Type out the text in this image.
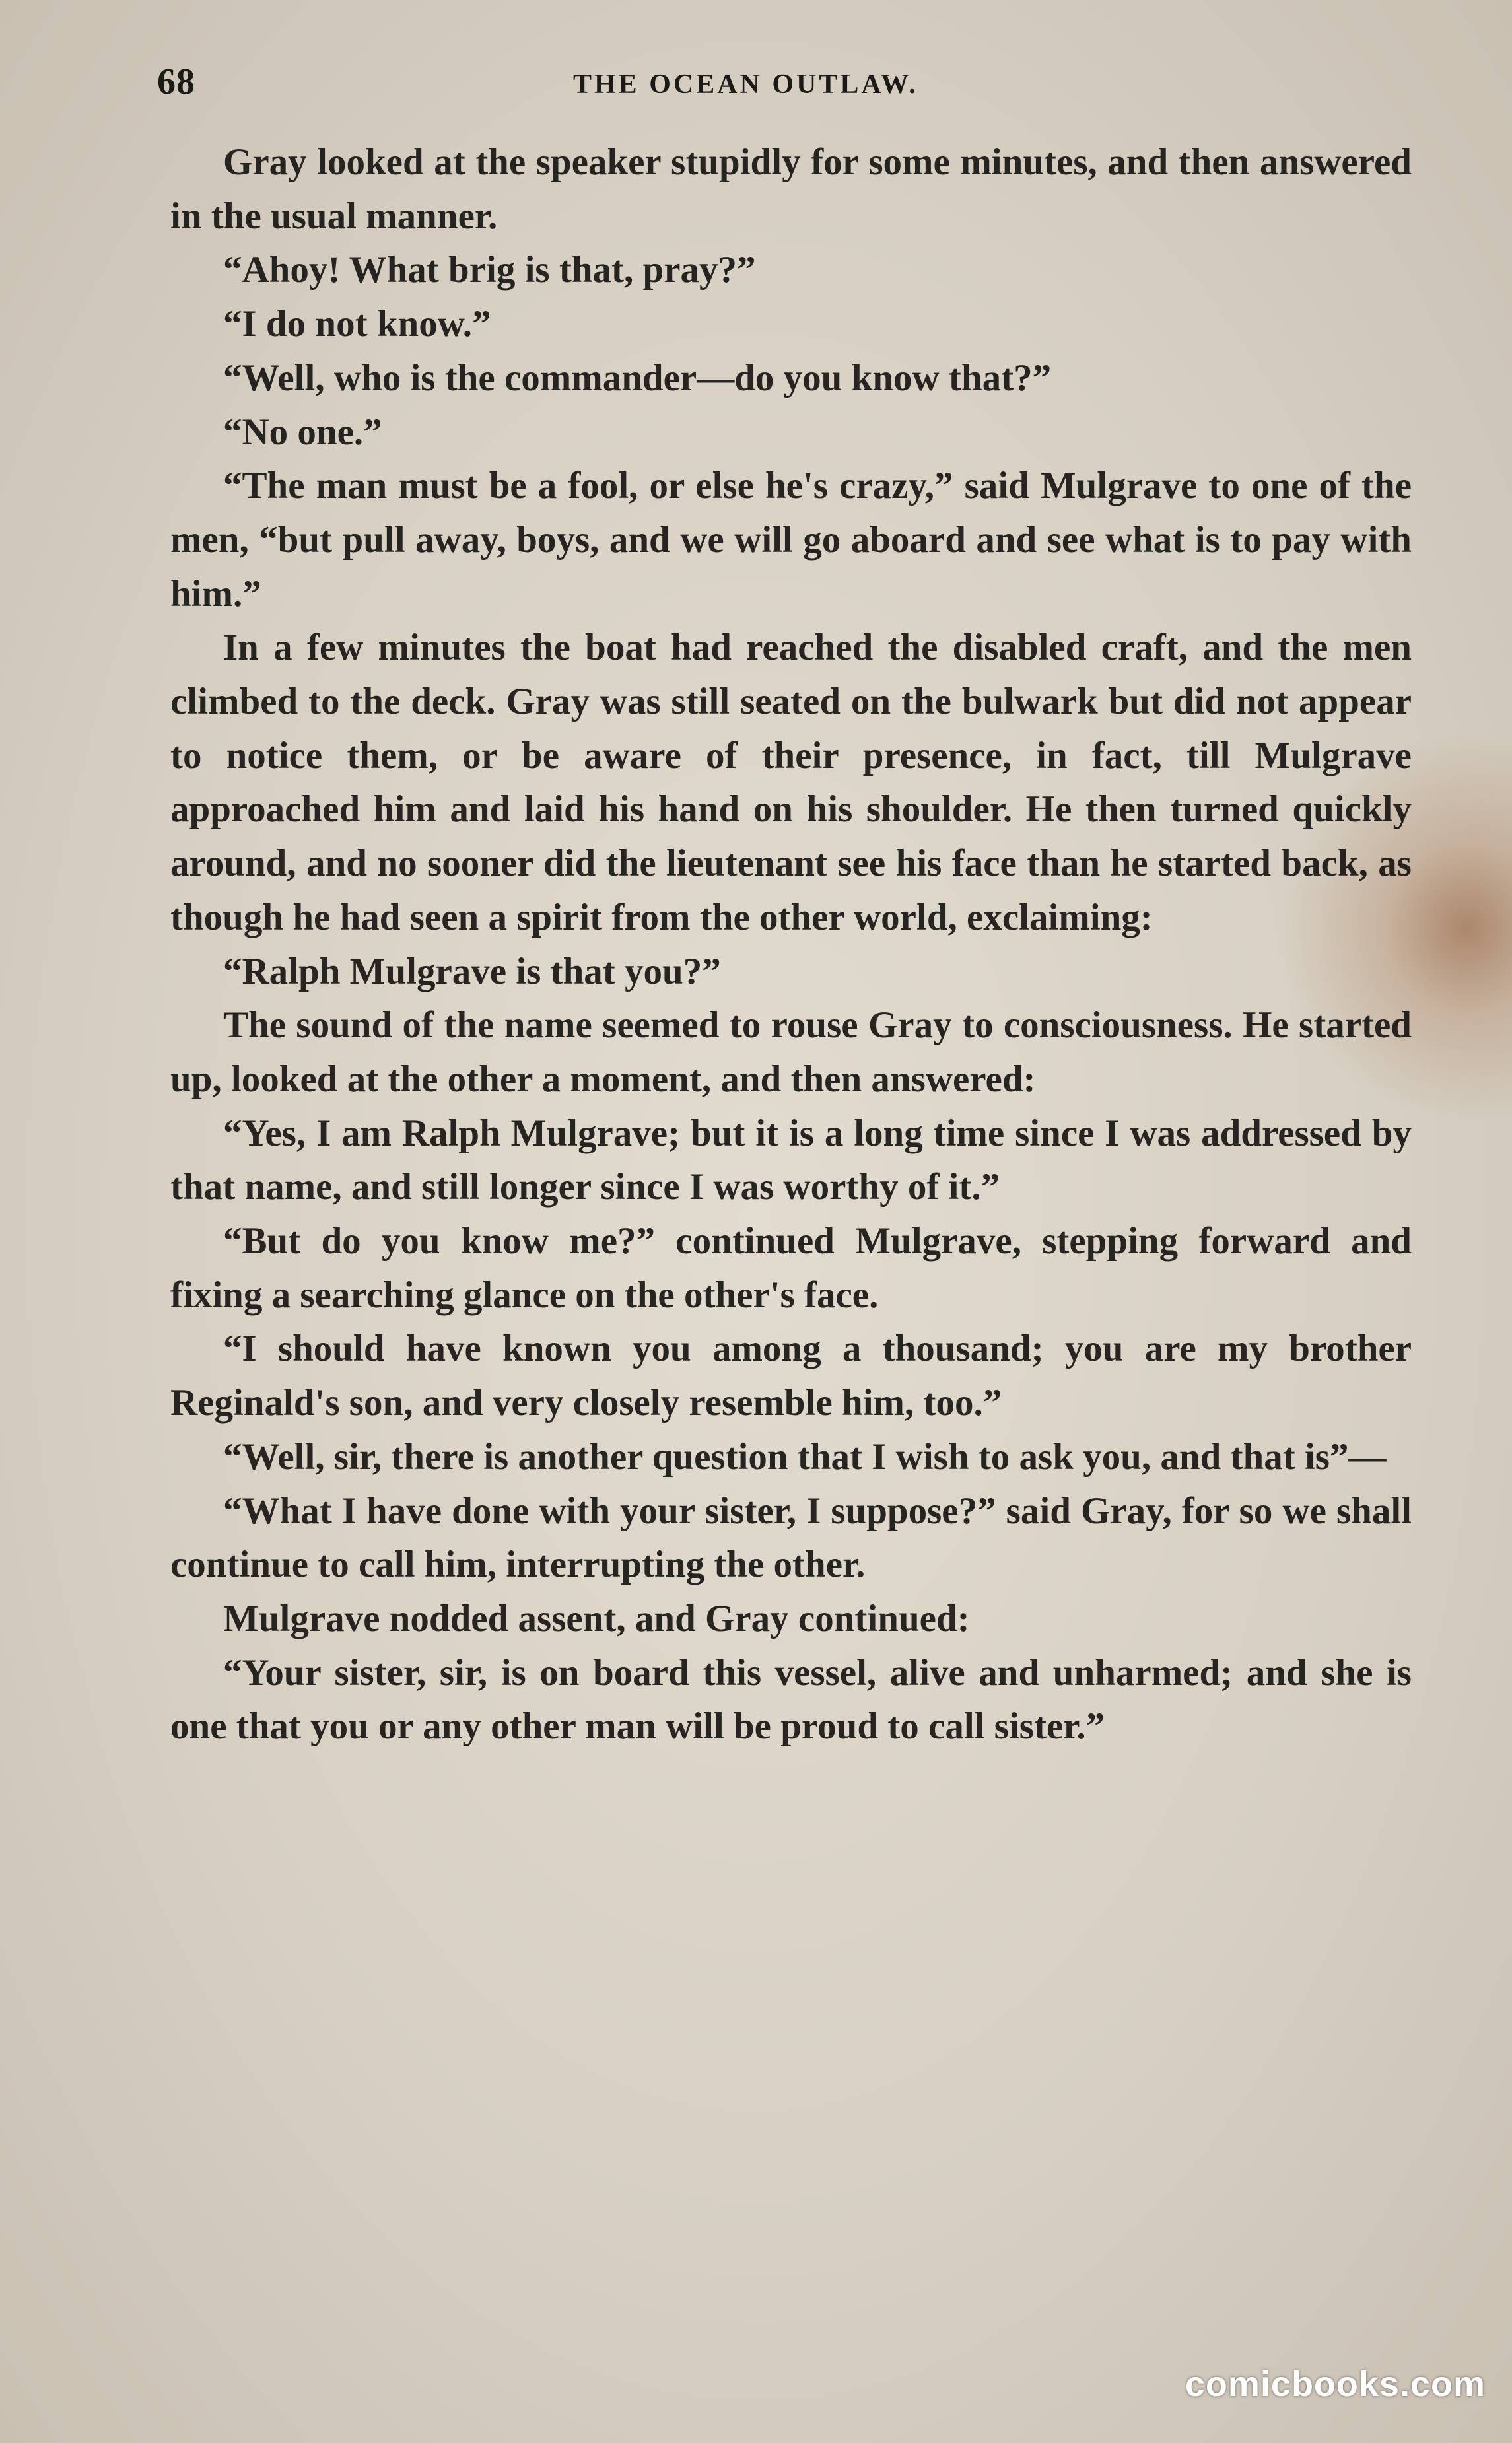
68	THE OCEAN OUTLAW.

Gray looked at the speaker stupidly for some minutes, and then answered in the usual manner.

“Ahoy! What brig is that, pray?”

“I do not know.”

“Well, who is the commander—do you know that?”

“No one.”

“The man must be a fool, or else he's crazy,” said Mulgrave to one of the men, “but pull away, boys, and we will go aboard and see what is to pay with him.”

In a few minutes the boat had reached the disabled craft, and the men climbed to the deck. Gray was still seated on the bulwark but did not appear to notice them, or be aware of their presence, in fact, till Mulgrave approached him and laid his hand on his shoulder. He then turned quickly around, and no sooner did the lieutenant see his face than he started back, as though he had seen a spirit from the other world, exclaiming:

“Ralph Mulgrave is that you?”

The sound of the name seemed to rouse Gray to consciousness. He started up, looked at the other a moment, and then answered:

“Yes, I am Ralph Mulgrave; but it is a long time since I was addressed by that name, and still longer since I was worthy of it.”

“But do you know me?” continued Mulgrave, stepping forward and fixing a searching glance on the other's face.

“I should have known you among a thousand; you are my brother Reginald's son, and very closely resemble him, too.”

“Well, sir, there is another question that I wish to ask you, and that is”—

“What I have done with your sister, I suppose?” said Gray, for so we shall continue to call him, interrupting the other.

Mulgrave nodded assent, and Gray continued:

“Your sister, sir, is on board this vessel, alive and unharmed; and she is one that you or any other man will be proud to call sister.”

comicbooks.com
